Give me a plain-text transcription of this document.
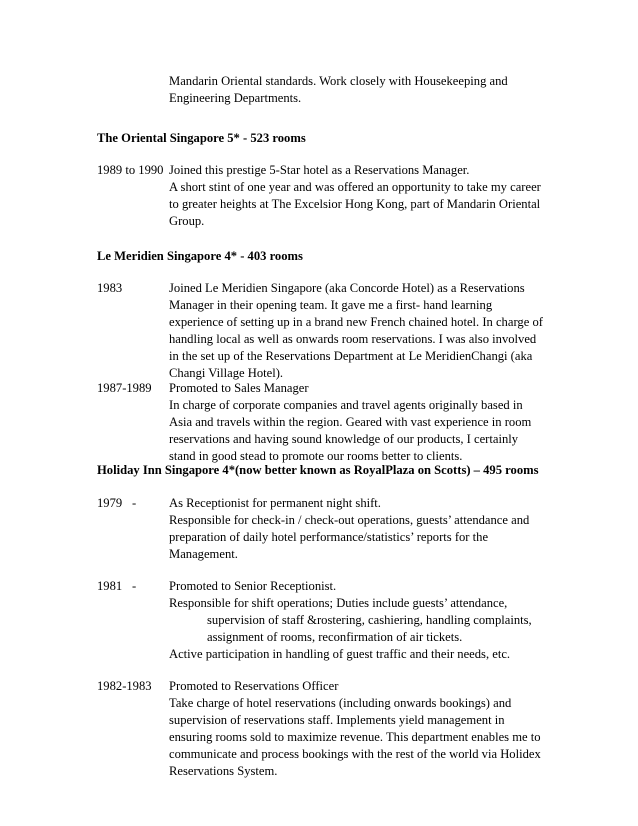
Mandarin Oriental standards. Work closely with Housekeeping and
Engineering Departments.
The Oriental Singapore 5* - 523 rooms
1989 to 1990 Joined this prestige 5-Star hotel as a Reservations Manager.
A short stint of one year and was offered an opportunity to take my career
to greater heights at The Excelsior Hong Kong, part of Mandarin Oriental
Group.
Le Meridien Singapore 4* - 403 rooms
1983	Joined Le Meridien Singapore (aka Concorde Hotel) as a Reservations
Manager in their opening team. It gave me a first- hand learning
experience of setting up in a brand new French chained hotel. In charge of
handling local as well as onwards room reservations. I was also involved
in the set up of the Reservations Department at Le MeridienChangi (aka
Changi Village Hotel).
1987-1989 Promoted to Sales Manager
In charge of corporate companies and travel agents originally based in
Asia and travels within the region. Geared with vast experience in room
reservations and having sound knowledge of our products, I certainly
stand in good stead to promote our rooms better to clients.
Holiday Inn Singapore 4*(now better known as RoyalPlaza on Scotts) – 495 rooms
1979 -	As Receptionist for permanent night shift.
Responsible for check-in / check-out operations, guests’ attendance and
preparation of daily hotel performance/statistics’ reports for the
Management.
1981 -	Promoted to Senior Receptionist.
Responsible for shift operations; Duties include guests’ attendance,
supervision of staff &rostering, cashiering, handling complaints,
assignment of rooms, reconfirmation of air tickets.
Active participation in handling of guest traffic and their needs, etc.
1982-1983 Promoted to Reservations Officer
Take charge of hotel reservations (including onwards bookings) and
supervision of reservations staff. Implements yield management in
ensuring rooms sold to maximize revenue. This department enables me to
communicate and process bookings with the rest of the world via Holidex
Reservations System.
